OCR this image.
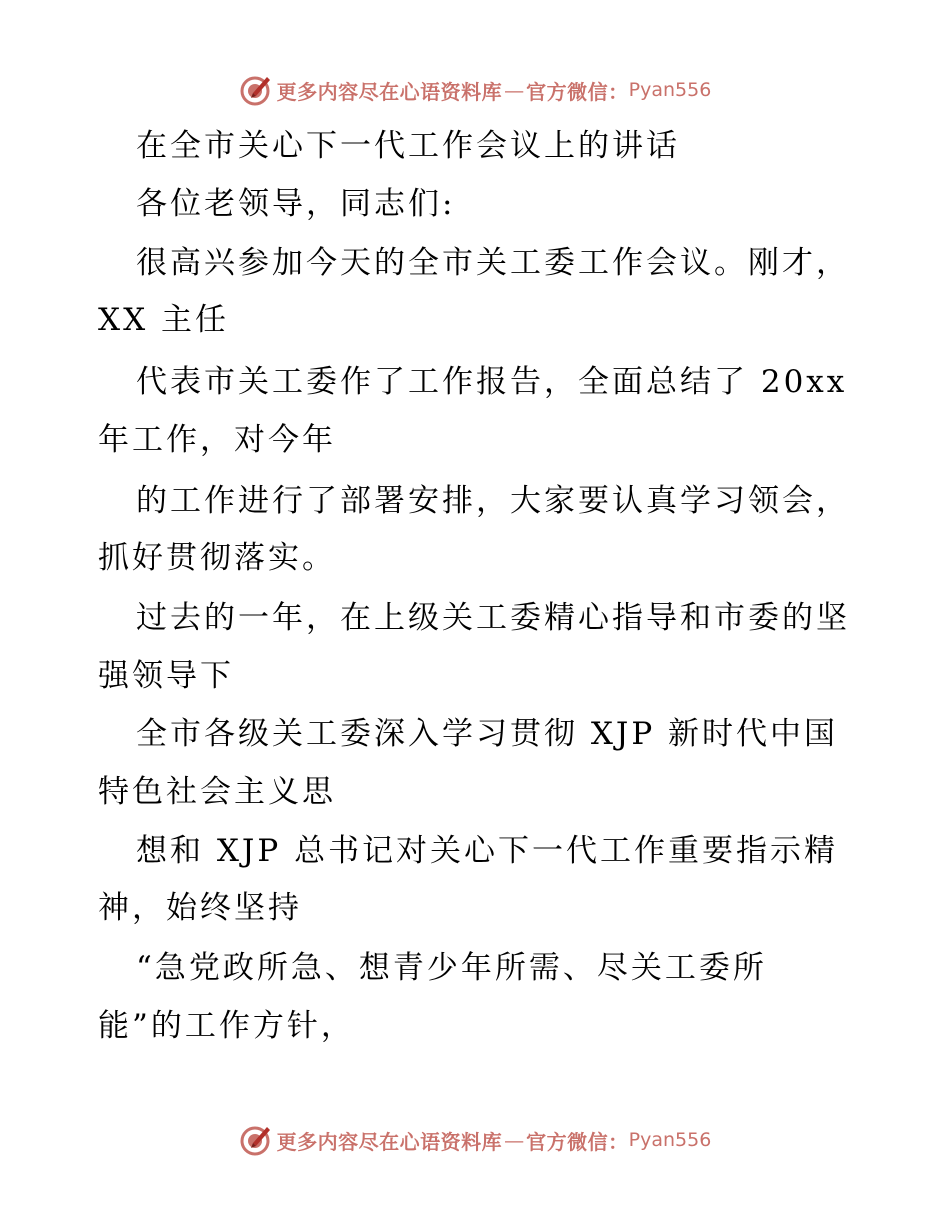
更多内容尽在心语资料库 — 官方微信： Pyan556
在全市关心下一代工作会议上的讲话
各位老领导，同志们:
很高兴参加今天的全市关工委工作会议。刚才，
XX 主任
代表市关工委作了工作报告，全面总结了 20xx
年工作，对今年
的工作进行了部署安排，大家要认真学习领会，
抓好贯彻落实。
过去的一年，在上级关工委精心指导和市委的坚
强领导下
全市各级关工委深入学习贯彻 XJP 新时代中国
特色社会主义思
想和 XJP 总书记对关心下一代工作重要指示精
神，始终坚持
“急党政所急、想青少年所需、尽关工委所
能”的工作方针，
更多内容尽在心语资料库 — 官方微信： Pyan556
